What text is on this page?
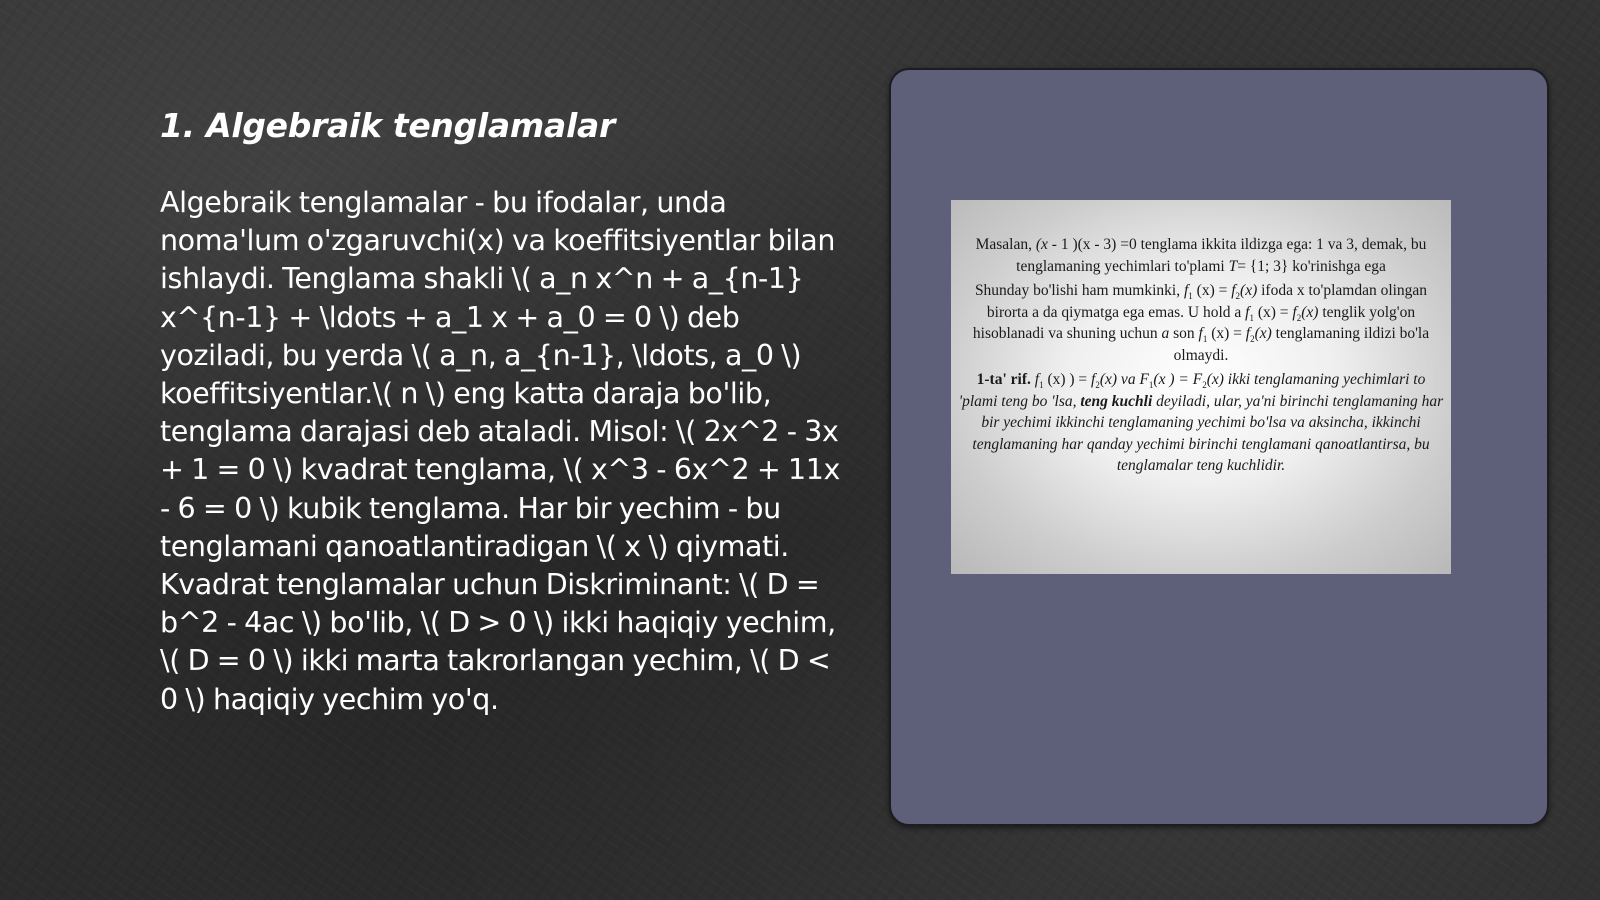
1. Algebraik tenglamalar

Algebraik tenglamalar - bu ifodalar, unda noma'lum o'zgaruvchi(x) va koeffitsiyentlar bilan ishlaydi. Tenglama shakli \( a_n x^n + a_{n-1} x^{n-1} + \ldots + a_1 x + a_0 = 0 \) deb yoziladi, bu yerda \( a_n, a_{n-1}, \ldots, a_0 \) koeffitsiyentlar.\( n \) eng katta daraja bo'lib, tenglama darajasi deb ataladi. Misol: \( 2x^2 - 3x + 1 = 0 \) kvadrat tenglama, \( x^3 - 6x^2 + 11x - 6 = 0 \) kubik tenglama. Har bir yechim - bu tenglamani qanoatlantiradigan \( x \) qiymati. Kvadrat tenglamalar uchun Diskriminant: \( D = b^2 - 4ac \) bo'lib, \( D > 0 \) ikki haqiqiy yechim, \( D = 0 \) ikki marta takrorlangan yechim, \( D < 0 \) haqiqiy yechim yo'q.

Masalan, (x - 1 )(x - 3) =0 tenglama ikkita ildizga ega: 1 va 3, demak, bu tenglamaning yechimlari to'plami T= {1; 3} ko'rinishga ega

Shunday bo'lishi ham mumkinki, $f_1$ $(x) = f_2(x)$ ifoda x to'plamdan olingan birorta a da qiymatga ega emas. U hold a $f_1$ $(x) = f_2(x)$ tenglik yolg'on hisoblanadi va shuning uchun a son $f_1$ $(x) = f_2(x)$ tenglamaning ildizi bo'la olmaydi.

1-ta' rif. $f_1$ (x) ) = $f_2(x)$ va $F_1(x$ ) = $F_2(x)$ ikki tenglamaning yechimlari to 'plami teng bo 'lsa, teng kuchli deyiladi, ular, ya'ni birinchi tenglamaning har bir yechimi ikkinchi tenglamaning yechimi bo'lsa va aksincha, ikkinchi tenglamaning har qanday yechimi birinchi tenglamani qanoatlantirsa, bu tenglamalar teng kuchlidir.
